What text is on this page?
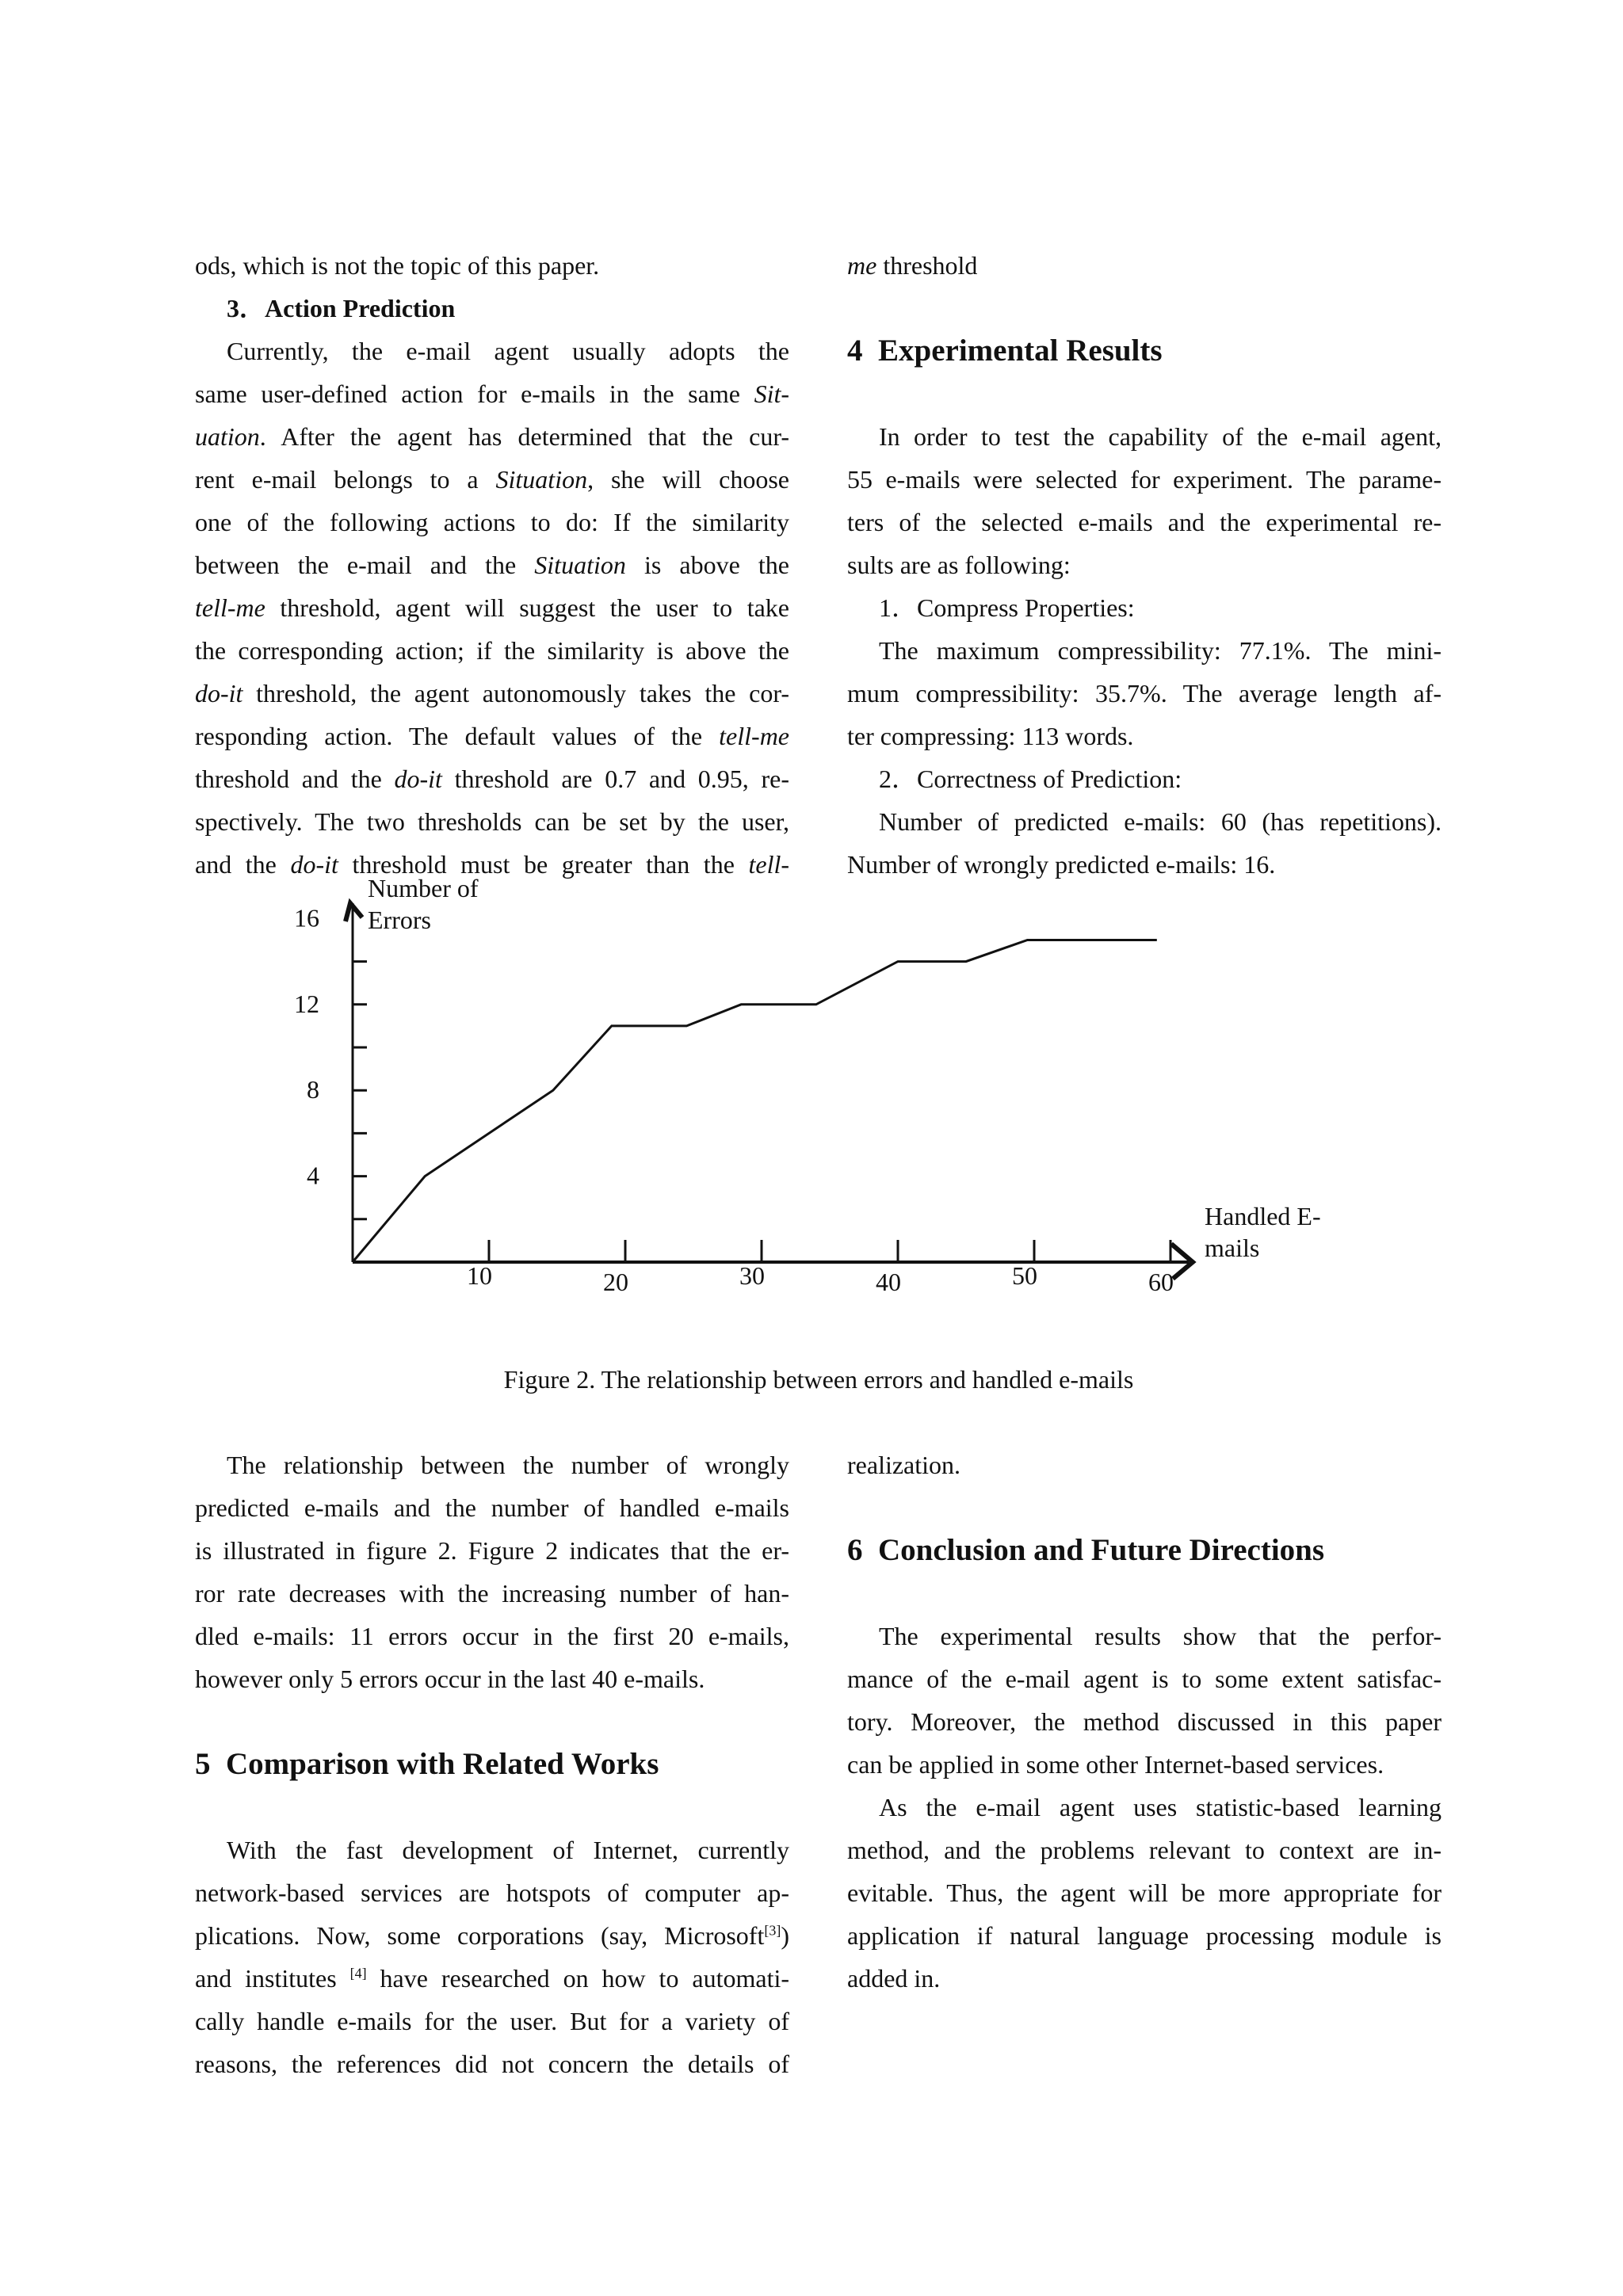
ods, which is not the topic of this paper.
3．Action Prediction
Currently, the e-mail agent usually adopts the
same user-defined action for e-mails in the same Sit-
uation. After the agent has determined that the cur-
rent e-mail belongs to a Situation, she will choose
one of the following actions to do: If the similarity
between the e-mail and the Situation is above the
tell-me threshold, agent will suggest the user to take
the corresponding action; if the similarity is above the
do-it threshold, the agent autonomously takes the cor-
responding action. The default values of the tell-me
threshold and the do-it threshold are 0.7 and 0.95, re-
spectively. The two thresholds can be set by the user,
and the do-it threshold must be greater than the tell-
me threshold
4 Experimental Results
In order to test the capability of the e-mail agent,
55 e-mails were selected for experiment. The parame-
ters of the selected e-mails and the experimental re-
sults are as following:
1．Compress Properties:
The maximum compressibility: 77.1%. The mini-
mum compressibility: 35.7%. The average length af-
ter compressing: 113 words.
2．Correctness of Prediction:
Number of predicted e-mails: 60 (has repetitions).
Number of wrongly predicted e-mails: 16.
16
12
8
4
10	20	30	40	50	60
Number of
Errors
Handled E-
mails
Figure 2. The relationship between errors and handled e-mails
The relationship between the number of wrongly
predicted e-mails and the number of handled e-mails
is illustrated in figure 2. Figure 2 indicates that the er-
ror rate decreases with the increasing number of han-
dled e-mails: 11 errors occur in the first 20 e-mails,
however only 5 errors occur in the last 40 e-mails.
5 Comparison with Related Works
With the fast development of Internet, currently
network-based services are hotspots of computer ap-
plications. Now, some corporations (say, Microsoft[3])
and institutes [4] have researched on how to automati-
cally handle e-mails for the user. But for a variety of
reasons, the references did not concern the details of
realization.
6 Conclusion and Future Directions
The experimental results show that the perfor-
mance of the e-mail agent is to some extent satisfac-
tory. Moreover, the method discussed in this paper
can be applied in some other Internet-based services.
As the e-mail agent uses statistic-based learning
method, and the problems relevant to context are in-
evitable. Thus, the agent will be more appropriate for
application if natural language processing module is
added in.
